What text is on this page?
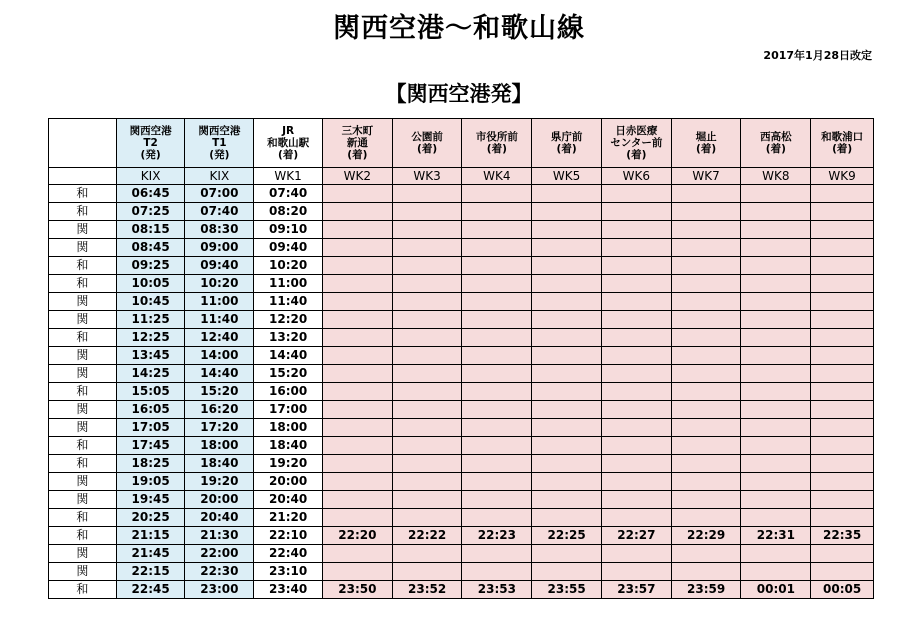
関西空港～和歌山線
2017年1月28日改定
【関西空港発】

	関西空港
T2
(発)	関西空港
T1
(発)	JR
和歌山駅
(着)	三木町
新通
(着)	公園前
(着)	市役所前
(着)	県庁前
(着)	日赤医療
センター前
(着)	堀止
(着)	西高松
(着)	和歌浦口
(着)

	KIX	KIX	WK1	WK2	WK3	WK4	WK5	WK6	WK7	WK8	WK9
和	06:45	07:00	07:40								
和	07:25	07:40	08:20								
関	08:15	08:30	09:10								
関	08:45	09:00	09:40								
和	09:25	09:40	10:20								
和	10:05	10:20	11:00								
関	10:45	11:00	11:40								
関	11:25	11:40	12:20								
和	12:25	12:40	13:20								
関	13:45	14:00	14:40								
関	14:25	14:40	15:20								
和	15:05	15:20	16:00								
関	16:05	16:20	17:00								
関	17:05	17:20	18:00								
和	17:45	18:00	18:40								
和	18:25	18:40	19:20								
関	19:05	19:20	20:00								
関	19:45	20:00	20:40								
和	20:25	20:40	21:20								
和	21:15	21:30	22:10	22:20	22:22	22:23	22:25	22:27	22:29	22:31	22:35
関	21:45	22:00	22:40								
関	22:15	22:30	23:10								
和	22:45	23:00	23:40	23:50	23:52	23:53	23:55	23:57	23:59	00:01	00:05
